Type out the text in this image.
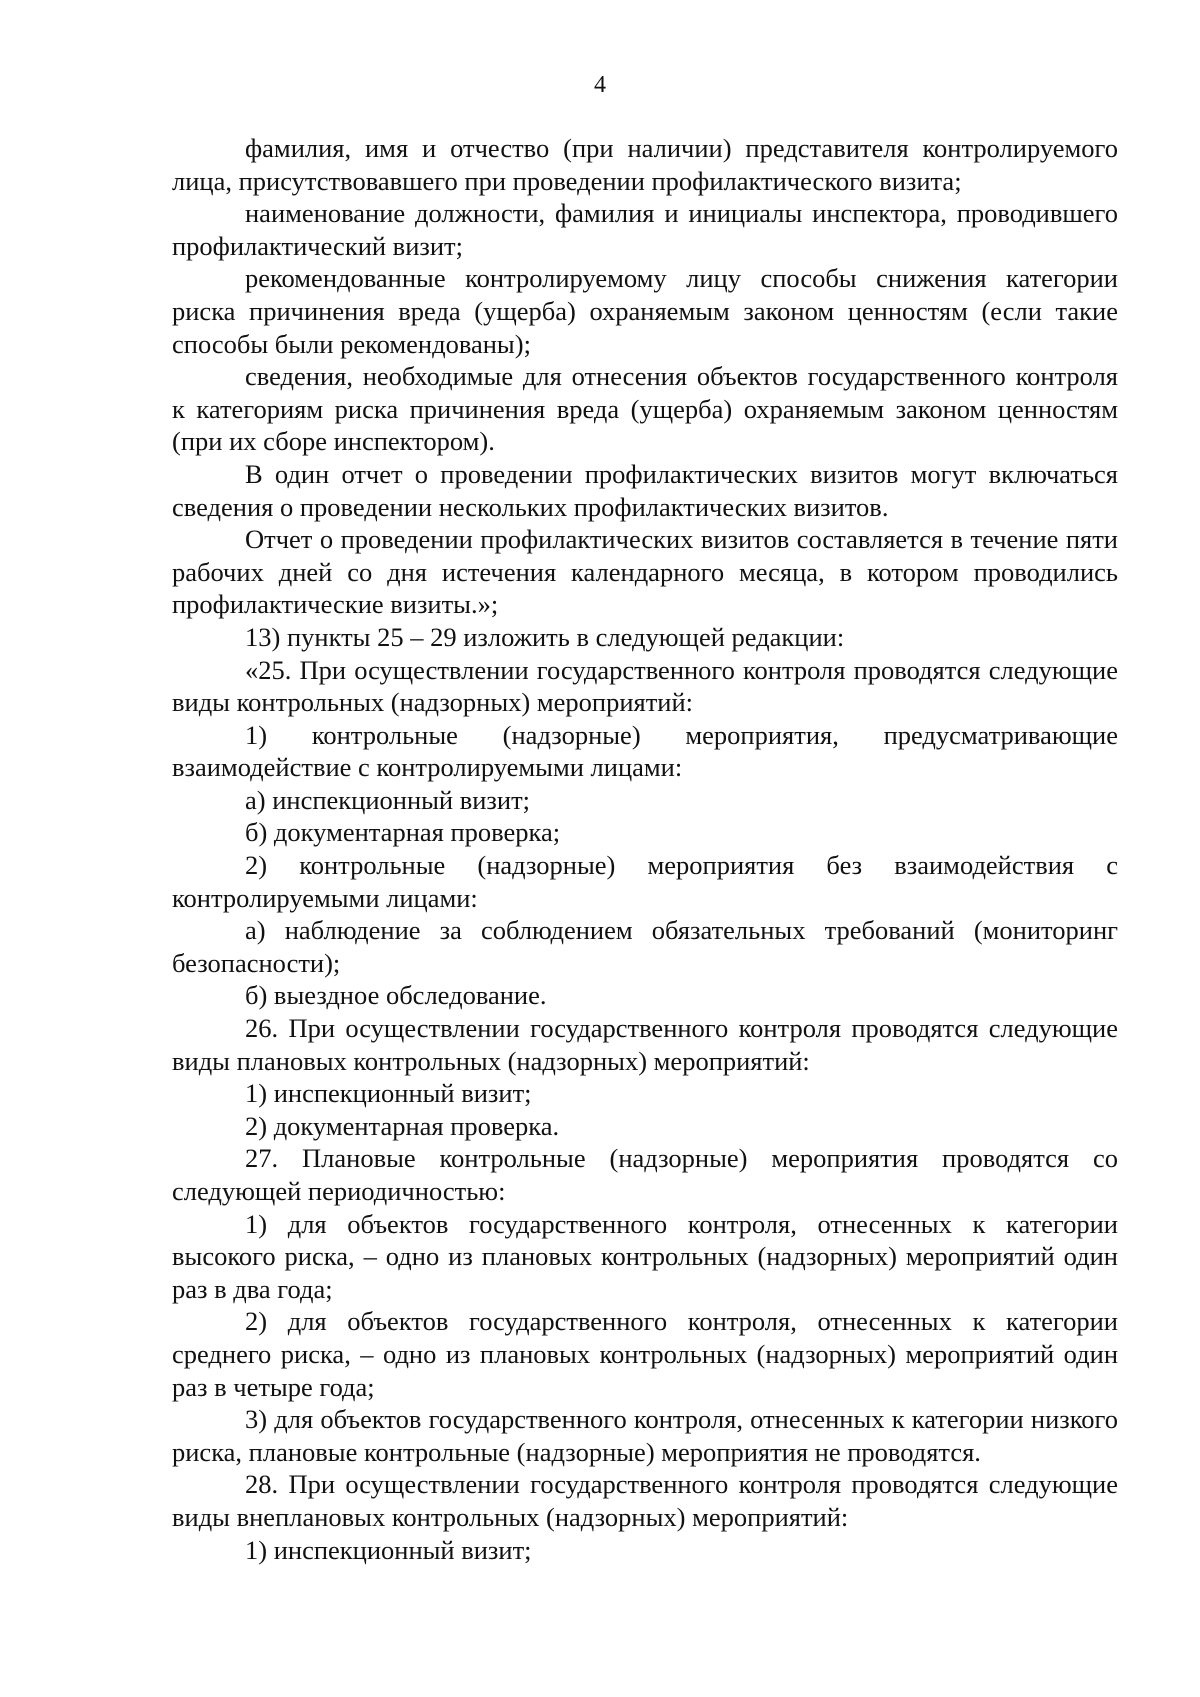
4

фамилия, имя и отчество (при наличии) представителя контролируемого лица, присутствовавшего при проведении профилактического визита;

наименование должности, фамилия и инициалы инспектора, проводившего профилактический визит;

рекомендованные контролируемому лицу способы снижения категории риска причинения вреда (ущерба) охраняемым законом ценностям (если такие способы были рекомендованы);

сведения, необходимые для отнесения объектов государственного контроля к категориям риска причинения вреда (ущерба) охраняемым законом ценностям (при их сборе инспектором).

В один отчет о проведении профилактических визитов могут включаться сведения о проведении нескольких профилактических визитов.

Отчет о проведении профилактических визитов составляется в течение пяти рабочих дней со дня истечения календарного месяца, в котором проводились профилактические визиты.»;

13) пункты 25 – 29 изложить в следующей редакции:

«25. При осуществлении государственного контроля проводятся следующие виды контрольных (надзорных) мероприятий:

1) контрольные (надзорные) мероприятия, предусматривающие взаимодействие с контролируемыми лицами:

а) инспекционный визит;

б) документарная проверка;

2) контрольные (надзорные) мероприятия без взаимодействия с контролируемыми лицами:

а) наблюдение за соблюдением обязательных требований (мониторинг безопасности);

б) выездное обследование.

26. При осуществлении государственного контроля проводятся следующие виды плановых контрольных (надзорных) мероприятий:

1) инспекционный визит;

2) документарная проверка.

27. Плановые контрольные (надзорные) мероприятия проводятся со следующей периодичностью:

1) для объектов государственного контроля, отнесенных к категории высокого риска, – одно из плановых контрольных (надзорных) мероприятий один раз в два года;

2) для объектов государственного контроля, отнесенных к категории среднего риска, – одно из плановых контрольных (надзорных) мероприятий один раз в четыре года;

3) для объектов государственного контроля, отнесенных к категории низкого риска, плановые контрольные (надзорные) мероприятия не проводятся.

28. При осуществлении государственного контроля проводятся следующие виды внеплановых контрольных (надзорных) мероприятий:

1) инспекционный визит;
